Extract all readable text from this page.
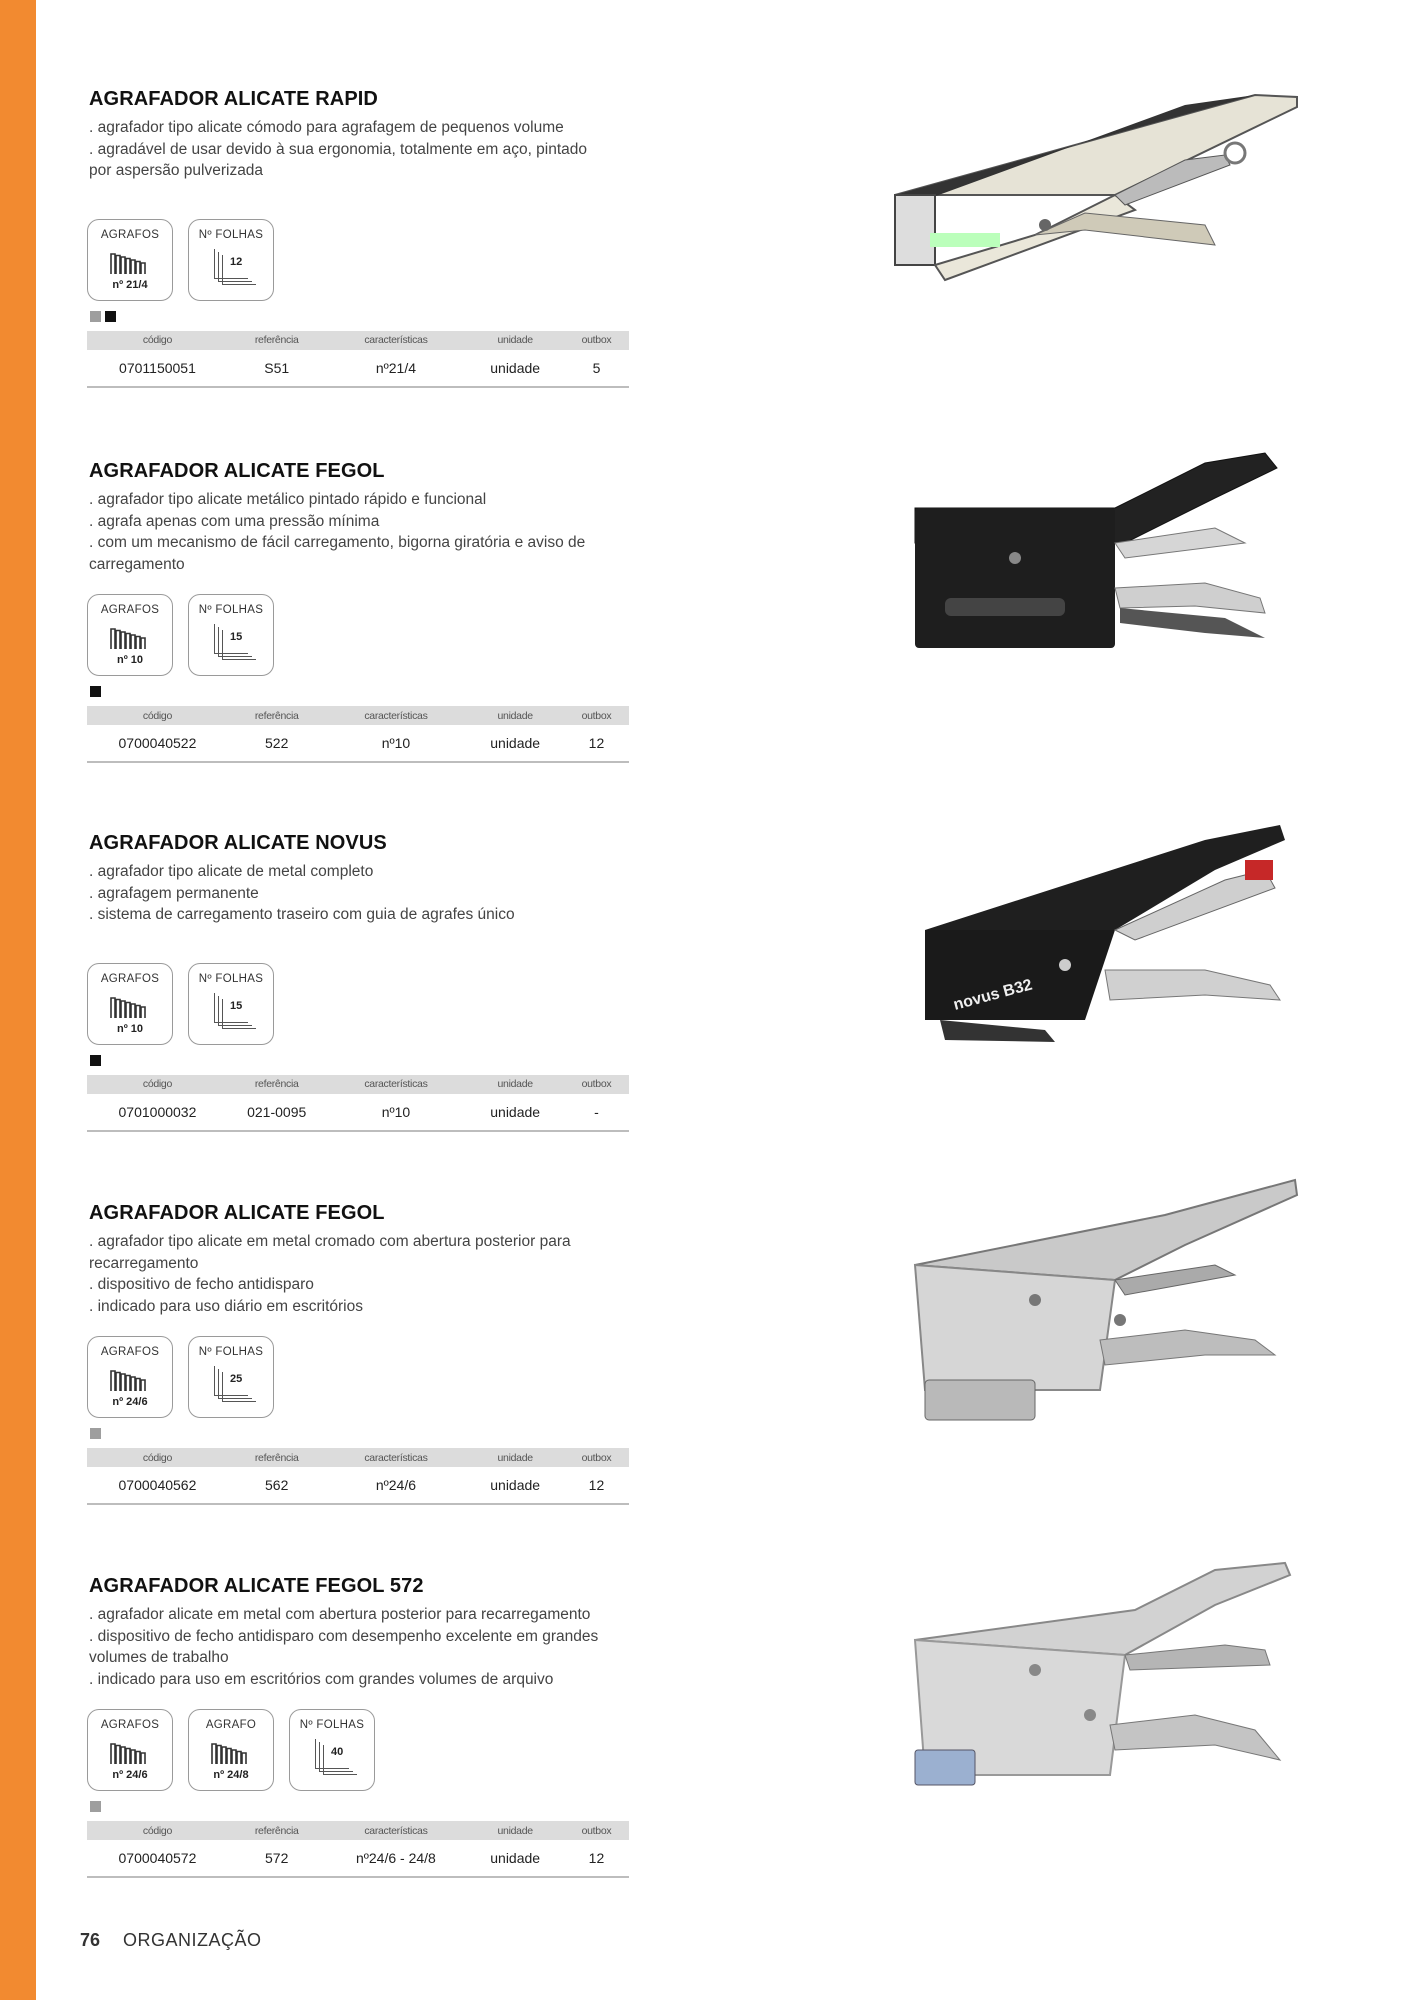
AGRAFADOR ALICATE RAPID
. agrafador tipo alicate cómodo para agrafagem de pequenos volume
. agradável de usar devido à sua ergonomia, totalmente em aço, pintado
por aspersão pulverizada
AGRAFOS
nº 21/4
Nº FOLHAS
12
código	referência	características	unidade	outbox
0701150051	S51	nº21/4	unidade	5
AGRAFADOR ALICATE FEGOL
. agrafador tipo alicate metálico pintado rápido e funcional
. agrafa apenas com uma pressão mínima
. com um mecanismo de fácil carregamento, bigorna giratória e aviso de
carregamento
AGRAFOS
nº 10
Nº FOLHAS
15
código	referência	características	unidade	outbox
0700040522	522	nº10	unidade	12
AGRAFADOR ALICATE NOVUS
. agrafador tipo alicate de metal completo
. agrafagem permanente
. sistema de carregamento traseiro com guia de agrafes único
AGRAFOS
nº 10
Nº FOLHAS
15
código	referência	características	unidade	outbox
0701000032	021-0095	nº10	unidade	-
AGRAFADOR ALICATE FEGOL
. agrafador tipo alicate em metal cromado com abertura posterior para
recarregamento
. dispositivo de fecho antidisparo
. indicado para uso diário em escritórios
AGRAFOS
nº 24/6
Nº FOLHAS
25
código	referência	características	unidade	outbox
0700040562	562	nº24/6	unidade	12
AGRAFADOR ALICATE FEGOL 572
. agrafador alicate em metal com abertura posterior para recarregamento
. dispositivo de fecho antidisparo com desempenho excelente em grandes
volumes de trabalho
. indicado para uso em escritórios com grandes volumes de arquivo
AGRAFOS
nº 24/6
AGRAFO
nº 24/8
Nº FOLHAS
40
código	referência	características	unidade	outbox
0700040572	572	nº24/6 - 24/8	unidade	12
novus B32
76 ORGANIZAÇÃO
